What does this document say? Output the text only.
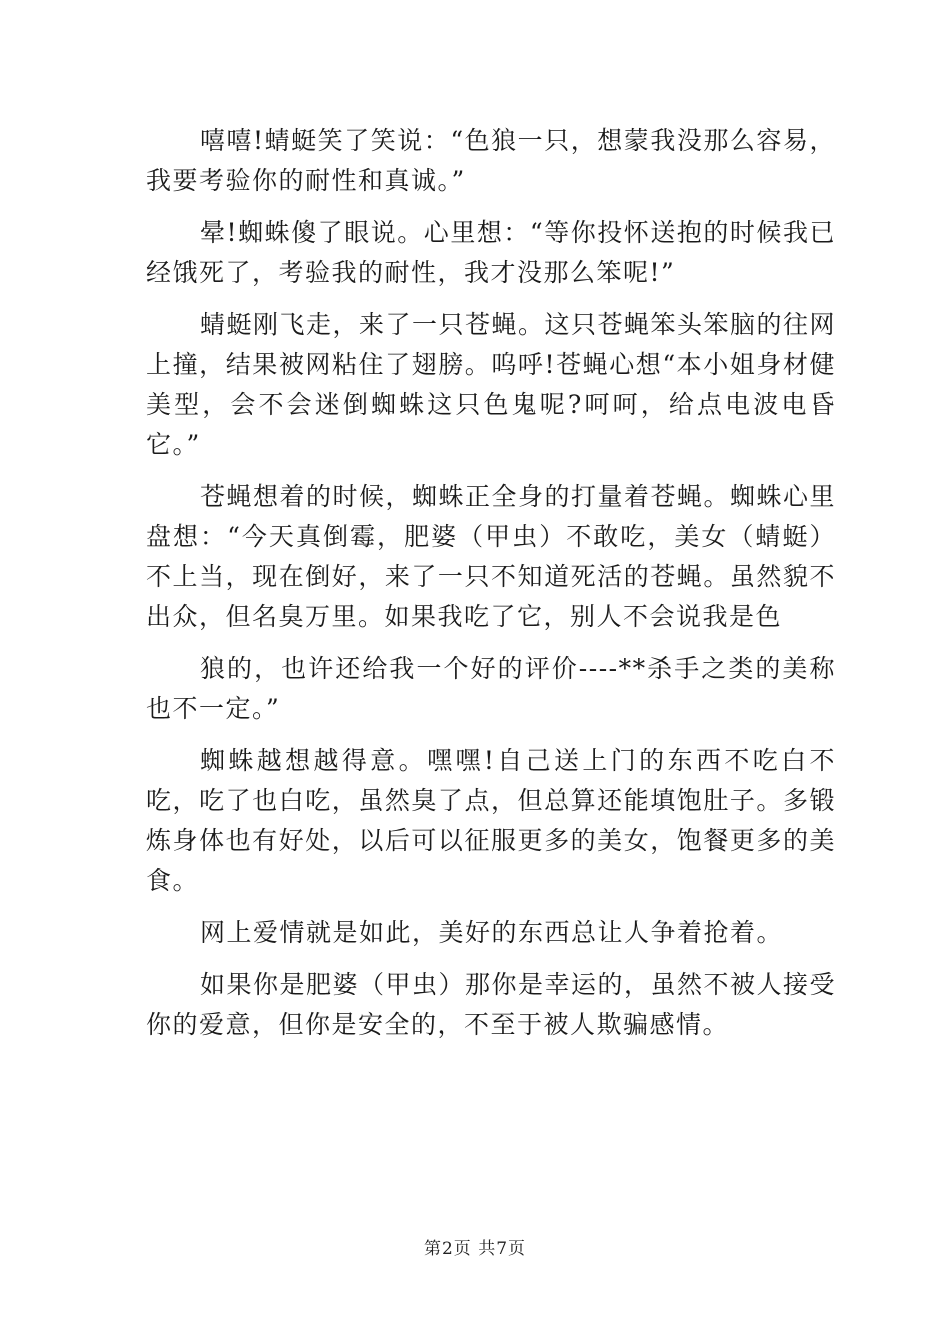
嘻嘻!蜻蜓笑了笑说：“色狼一只，想蒙我没那么容易，我要考验你的耐性和真诚。”

晕!蜘蛛傻了眼说。心里想：“等你投怀送抱的时候我已经饿死了，考验我的耐性，我才没那么笨呢!”

蜻蜓刚飞走，来了一只苍蝇。这只苍蝇笨头笨脑的往网上撞，结果被网粘住了翅膀。呜呼!苍蝇心想“本小姐身材健美型，会不会迷倒蜘蛛这只色鬼呢?呵呵，给点电波电昏它。”

苍蝇想着的时候，蜘蛛正全身的打量着苍蝇。蜘蛛心里盘想：“今天真倒霉，肥婆（甲虫）不敢吃，美女（蜻蜓）不上当，现在倒好，来了一只不知道死活的苍蝇。虽然貌不出众，但名臭万里。如果我吃了它，别人不会说我是色

狼的，也许还给我一个好的评价----**杀手之类的美称也不一定。”

蜘蛛越想越得意。嘿嘿!自己送上门的东西不吃白不吃，吃了也白吃，虽然臭了点，但总算还能填饱肚子。多锻炼身体也有好处，以后可以征服更多的美女，饱餐更多的美食。

网上爱情就是如此，美好的东西总让人争着抢着。

如果你是肥婆（甲虫）那你是幸运的，虽然不被人接受你的爱意，但你是安全的，不至于被人欺骗感情。

第2页 共7页
